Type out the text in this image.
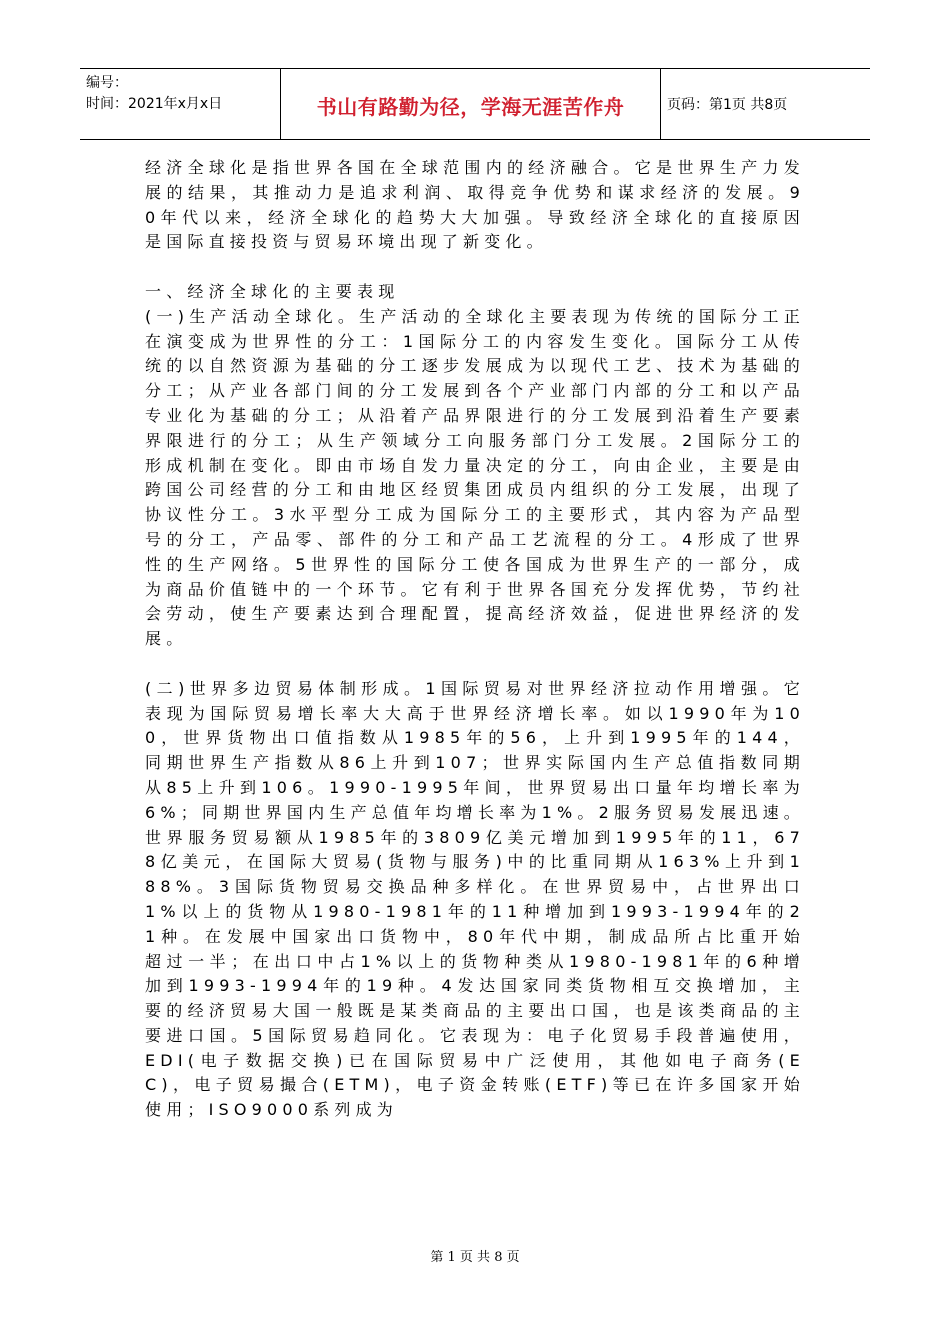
编号：
时间：2021年x月x日	书山有路勤为径，学海无涯苦作舟	页码：第1页 共8页

经济全球化是指世界各国在全球范围内的经济融合。它是世界生产力发展的结果，其推动力是追求利润、取得竞争优势和谋求经济的发展。90年代以来，经济全球化的趋势大大加强。导致经济全球化的直接原因是国际直接投资与贸易环境出现了新变化。

一、经济全球化的主要表现

(一)生产活动全球化。生产活动的全球化主要表现为传统的国际分工正在演变成为世界性的分工：1国际分工的内容发生变化。国际分工从传统的以自然资源为基础的分工逐步发展成为以现代工艺、技术为基础的分工；从产业各部门间的分工发展到各个产业部门内部的分工和以产品专业化为基础的分工；从沿着产品界限进行的分工发展到沿着生产要素界限进行的分工；从生产领域分工向服务部门分工发展。2国际分工的形成机制在变化。即由市场自发力量决定的分工，向由企业，主要是由跨国公司经营的分工和由地区经贸集团成员内组织的分工发展，出现了协议性分工。3水平型分工成为国际分工的主要形式，其内容为产品型号的分工，产品零、部件的分工和产品工艺流程的分工。4形成了世界性的生产网络。5世界性的国际分工使各国成为世界生产的一部分，成为商品价值链中的一个环节。它有利于世界各国充分发挥优势，节约社会劳动，使生产要素达到合理配置，提高经济效益，促进世界经济的发展。

(二)世界多边贸易体制形成。1国际贸易对世界经济拉动作用增强。它表现为国际贸易增长率大大高于世界经济增长率。如以1990年为100，世界货物出口值指数从1985年的56，上升到1995年的144，同期世界生产指数从86上升到107；世界实际国内生产总值指数同期从85上升到106。1990-1995年间，世界贸易出口量年均增长率为6%；同期世界国内生产总值年均增长率为1%。2服务贸易发展迅速。世界服务贸易额从1985年的3809亿美元增加到1995年的11，678亿美元，在国际大贸易(货物与服务)中的比重同期从163%上升到188%。3国际货物贸易交换品种多样化。在世界贸易中，占世界出口1%以上的货物从1980-1981年的11种增加到1993-1994年的21种。在发展中国家出口货物中，80年代中期，制成品所占比重开始超过一半；在出口中占1%以上的货物种类从1980-1981年的6种增加到1993-1994年的19种。4发达国家同类货物相互交换增加，主要的经济贸易大国一般既是某类商品的主要出口国，也是该类商品的主要进口国。5国际贸易趋同化。它表现为：电子化贸易手段普遍使用，EDI(电子数据交换)已在国际贸易中广泛使用，其他如电子商务(EC)，电子贸易撮合(ETM)，电子资金转账(ETF)等已在许多国家开始使用；ISO9000系列成为

第 1 页 共 8 页
